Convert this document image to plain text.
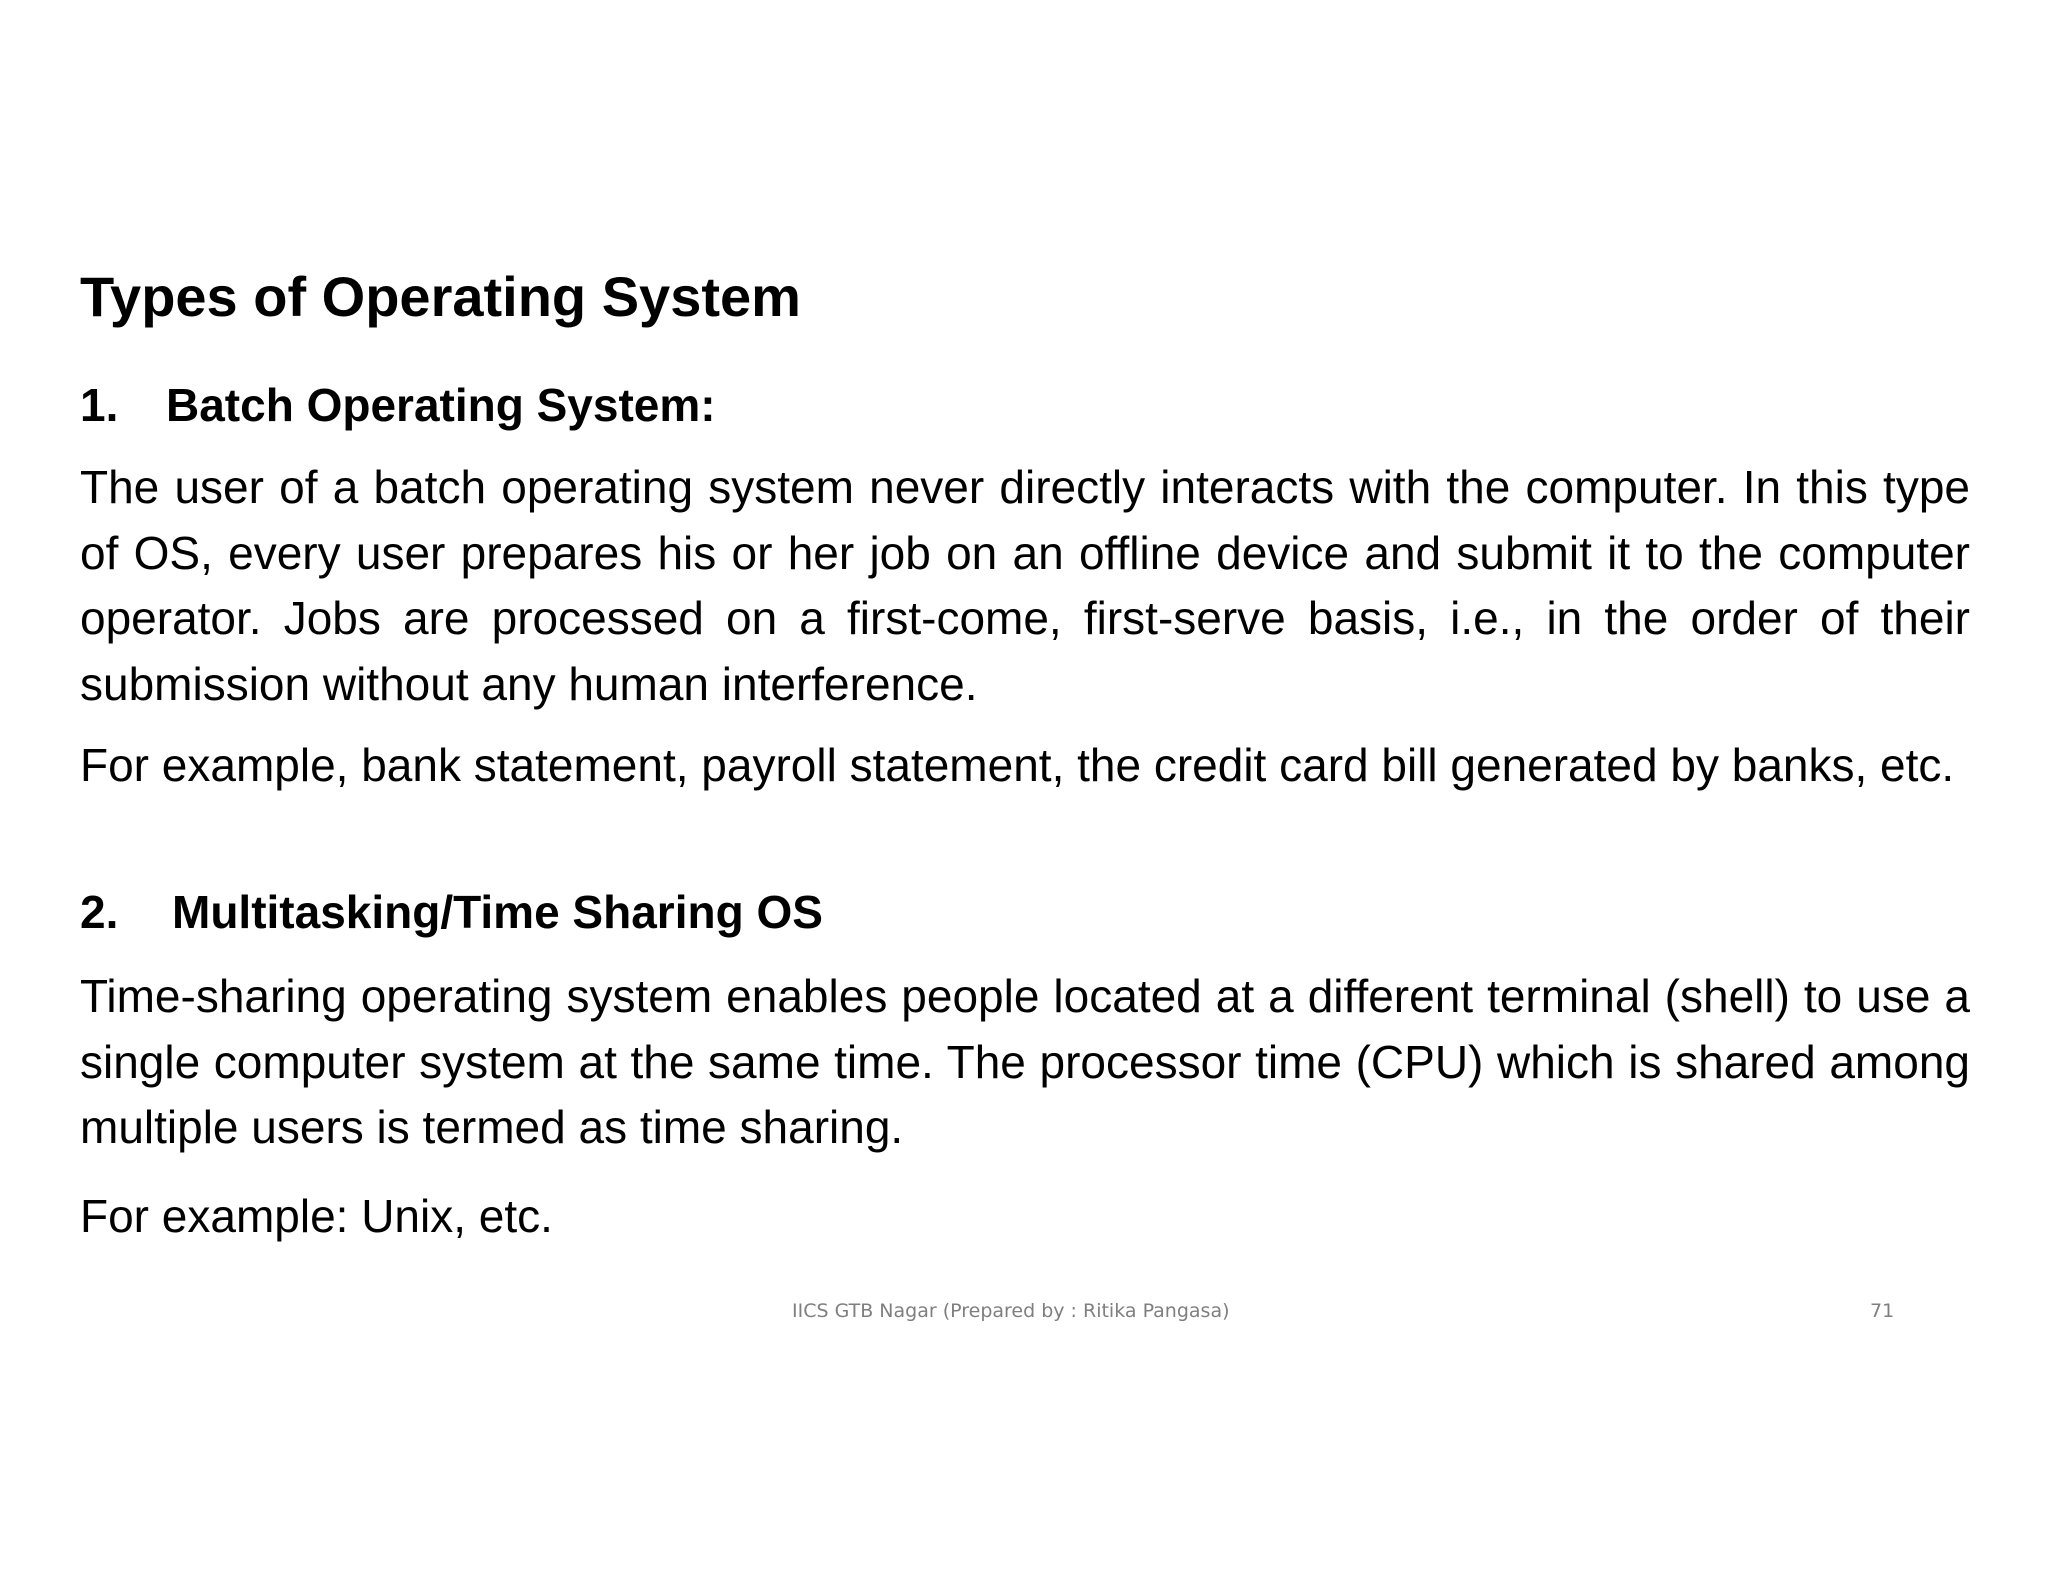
Types of Operating System
1. Batch Operating System:

The user of a batch operating system never directly interacts with the computer. In this type of OS, every user prepares his or her job on an offline device and submit it to the computer operator. Jobs are processed on a first-come, first-serve basis, i.e., in the order of their submission without any human interference.

For example, bank statement, payroll statement, the credit card bill generated by banks, etc.

2. Multitasking/Time Sharing OS

Time-sharing operating system enables people located at a different terminal (shell) to use a single computer system at the same time. The processor time (CPU) which is shared among multiple users is termed as time sharing.

For example: Unix, etc.

IICS GTB Nagar (Prepared by : Ritika Pangasa)	71
